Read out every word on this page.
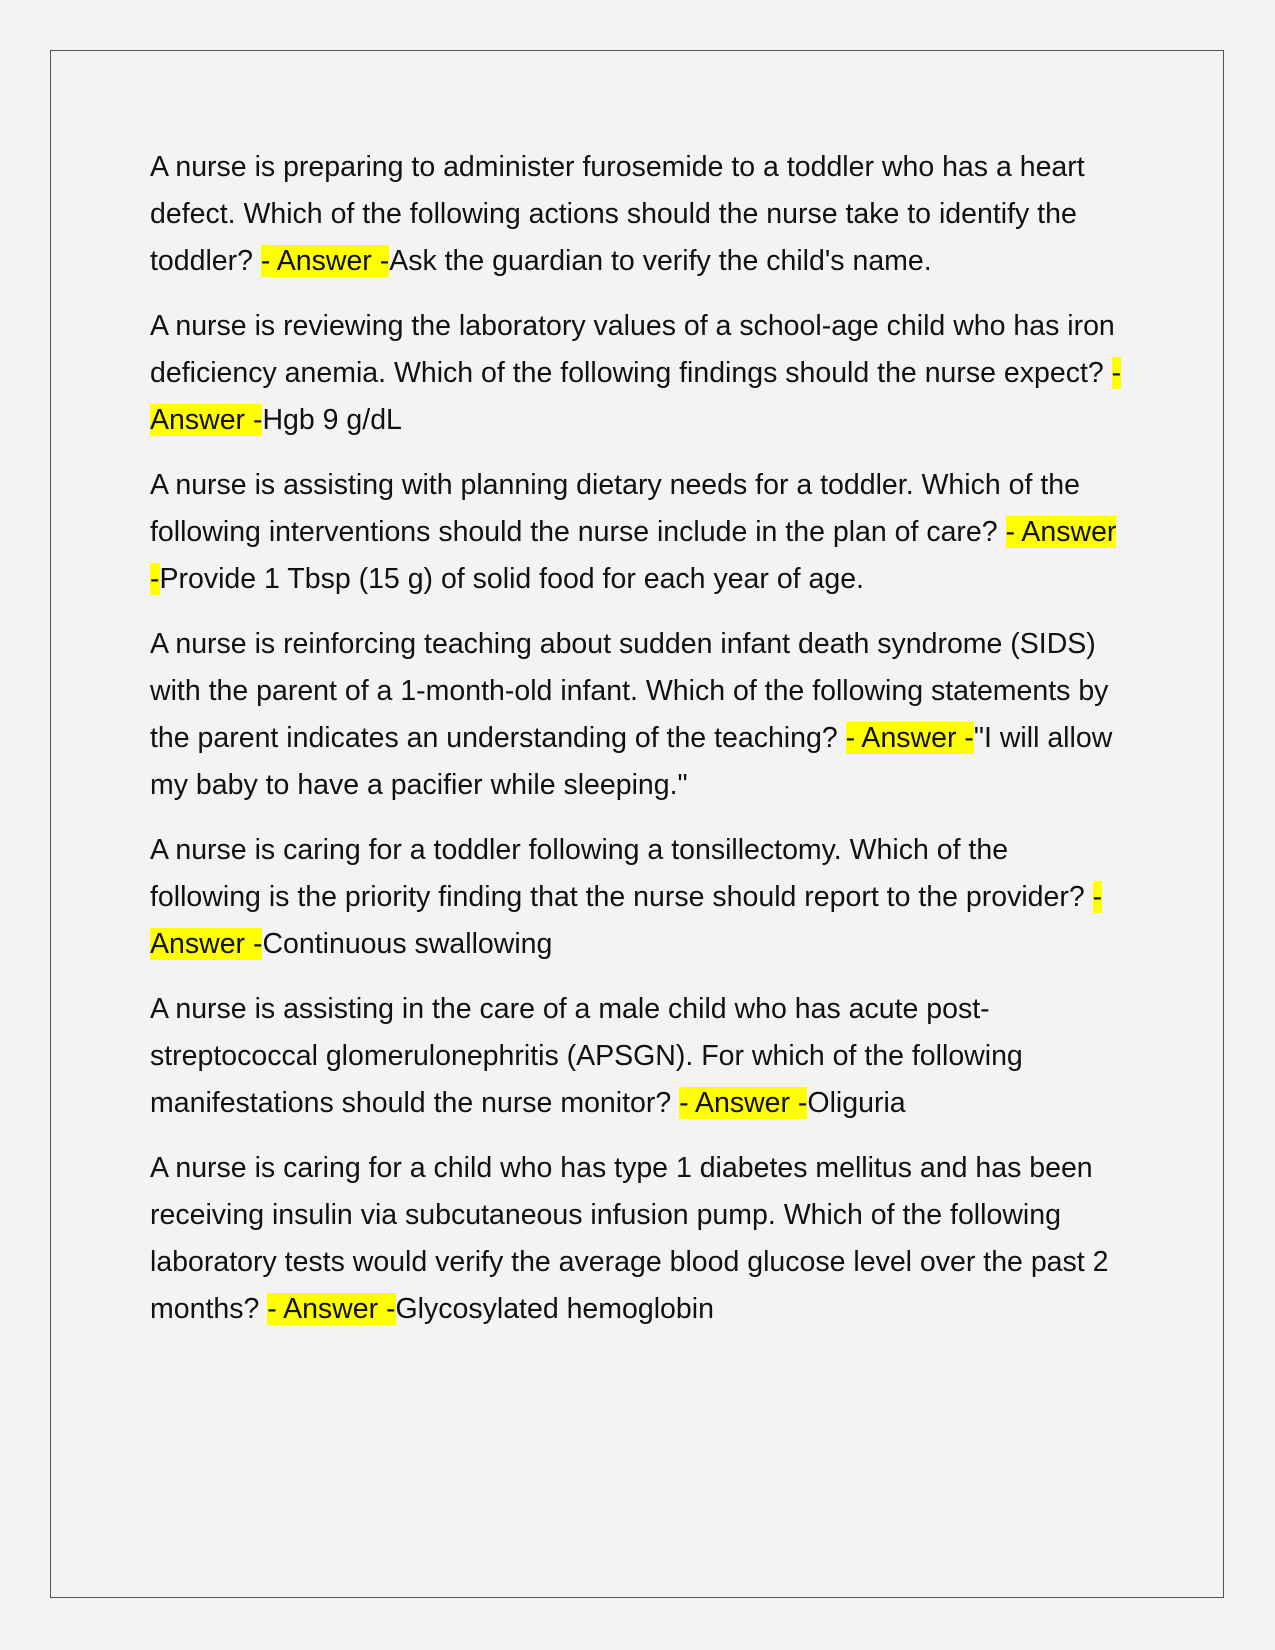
A nurse is preparing to administer furosemide to a toddler who has a heart defect. Which of the following actions should the nurse take to identify the toddler? - Answer -Ask the guardian to verify the child's name.

A nurse is reviewing the laboratory values of a school-age child who has iron deficiency anemia. Which of the following findings should the nurse expect? - Answer -Hgb 9 g/dL

A nurse is assisting with planning dietary needs for a toddler. Which of the following interventions should the nurse include in the plan of care? - Answer -Provide 1 Tbsp (15 g) of solid food for each year of age.

A nurse is reinforcing teaching about sudden infant death syndrome (SIDS) with the parent of a 1-month-old infant. Which of the following statements by the parent indicates an understanding of the teaching? - Answer -"I will allow my baby to have a pacifier while sleeping."

A nurse is caring for a toddler following a tonsillectomy. Which of the following is the priority finding that the nurse should report to the provider? - Answer -Continuous swallowing

A nurse is assisting in the care of a male child who has acute post-streptococcal glomerulonephritis (APSGN). For which of the following manifestations should the nurse monitor? - Answer -Oliguria

A nurse is caring for a child who has type 1 diabetes mellitus and has been receiving insulin via subcutaneous infusion pump. Which of the following laboratory tests would verify the average blood glucose level over the past 2 months? - Answer -Glycosylated hemoglobin
